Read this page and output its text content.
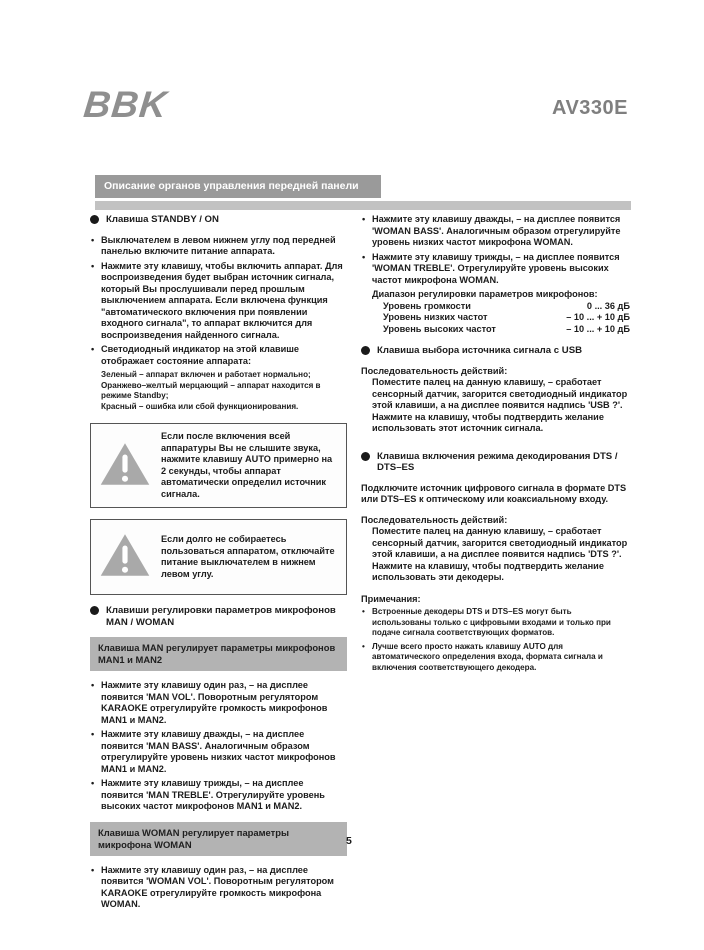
BBK	AV330E
Описание органов управления передней панели
Клавиша STANDBY / ON
• Выключателем в левом нижнем углу под передней панелью включите питание аппарата.
• Нажмите эту клавишу, чтобы включить аппарат. Для воспроизведения будет выбран источник сигнала, который Вы прослушивали перед прошлым выключением аппарата. Если включена функция "автоматического включения при появлении входного сигнала", то аппарат включится для воспроизведения найденного сигнала.
• Светодиодный индикатор на этой клавише отображает состояние аппарата:
Зеленый – аппарат включен и работает нормально;
Оранжево–желтый мерцающий – аппарат находится в режиме Standby;
Красный – ошибка или сбой функционирования.
Если после включения всей аппаратуры Вы не слышите звука, нажмите клавишу AUTO примерно на 2 секунды, чтобы аппарат автоматически определил источник сигнала.
Если долго не собираетесь пользоваться аппаратом, отключайте питание выключателем в нижнем левом углу.
Клавиши регулировки параметров микрофонов MAN / WOMAN
Клавиша MAN регулирует параметры микрофонов MAN1 и MAN2
• Нажмите эту клавишу один раз, – на дисплее появится 'MAN VOL'. Поворотным регулятором KARAOKE отрегулируйте громкость микрофонов MAN1 и MAN2.
• Нажмите эту клавишу дважды, – на дисплее появится 'MAN BASS'. Аналогичным образом отрегулируйте уровень низких частот микрофонов MAN1 и MAN2.
• Нажмите эту клавишу трижды, – на дисплее появится 'MAN TREBLE'. Отрегулируйте уровень высоких частот микрофонов MAN1 и MAN2.
Клавиша WOMAN регулирует параметры микрофона WOMAN
• Нажмите эту клавишу один раз, – на дисплее появится 'WOMAN VOL'. Поворотным регулятором KARAOKE отрегулируйте громкость микрофона WOMAN.
• Нажмите эту клавишу дважды, – на дисплее появится 'WOMAN BASS'. Аналогичным образом отрегулируйте уровень низких частот микрофона WOMAN.
• Нажмите эту клавишу трижды, – на дисплее появится 'WOMAN TREBLE'. Отрегулируйте уровень высоких частот микрофона WOMAN.
Диапазон регулировки параметров микрофонов:
Уровень громкости	0 ... 36 дБ
Уровень низких частот	– 10 ... + 10 дБ
Уровень высоких частот	– 10 ... + 10 дБ
Клавиша выбора источника сигнала с USB
Последовательность действий:
Поместите палец на данную клавишу, – сработает сенсорный датчик, загорится светодиодный индикатор этой клавиши, а на дисплее появится надпись 'USB ?'. Нажмите на клавишу, чтобы подтвердить желание использовать этот источник сигнала.
Клавиша включения режима декодирования DTS / DTS–ES
Подключите источник цифрового сигнала в формате DTS или DTS–ES к оптическому или коаксиальному входу.
Последовательность действий:
Поместите палец на данную клавишу, – сработает сенсорный датчик, загорится светодиодный индикатор этой клавиши, а на дисплее появится надпись 'DTS ?'. Нажмите на клавишу, чтобы подтвердить желание использовать эти декодеры.
Примечания:
• Встроенные декодеры DTS и DTS–ES могут быть использованы только с цифровыми входами и только при подаче сигнала соответствующих форматов.
• Лучше всего просто нажать клавишу AUTO для автоматического определения входа, формата сигнала и включения соответствующего декодера.
5
